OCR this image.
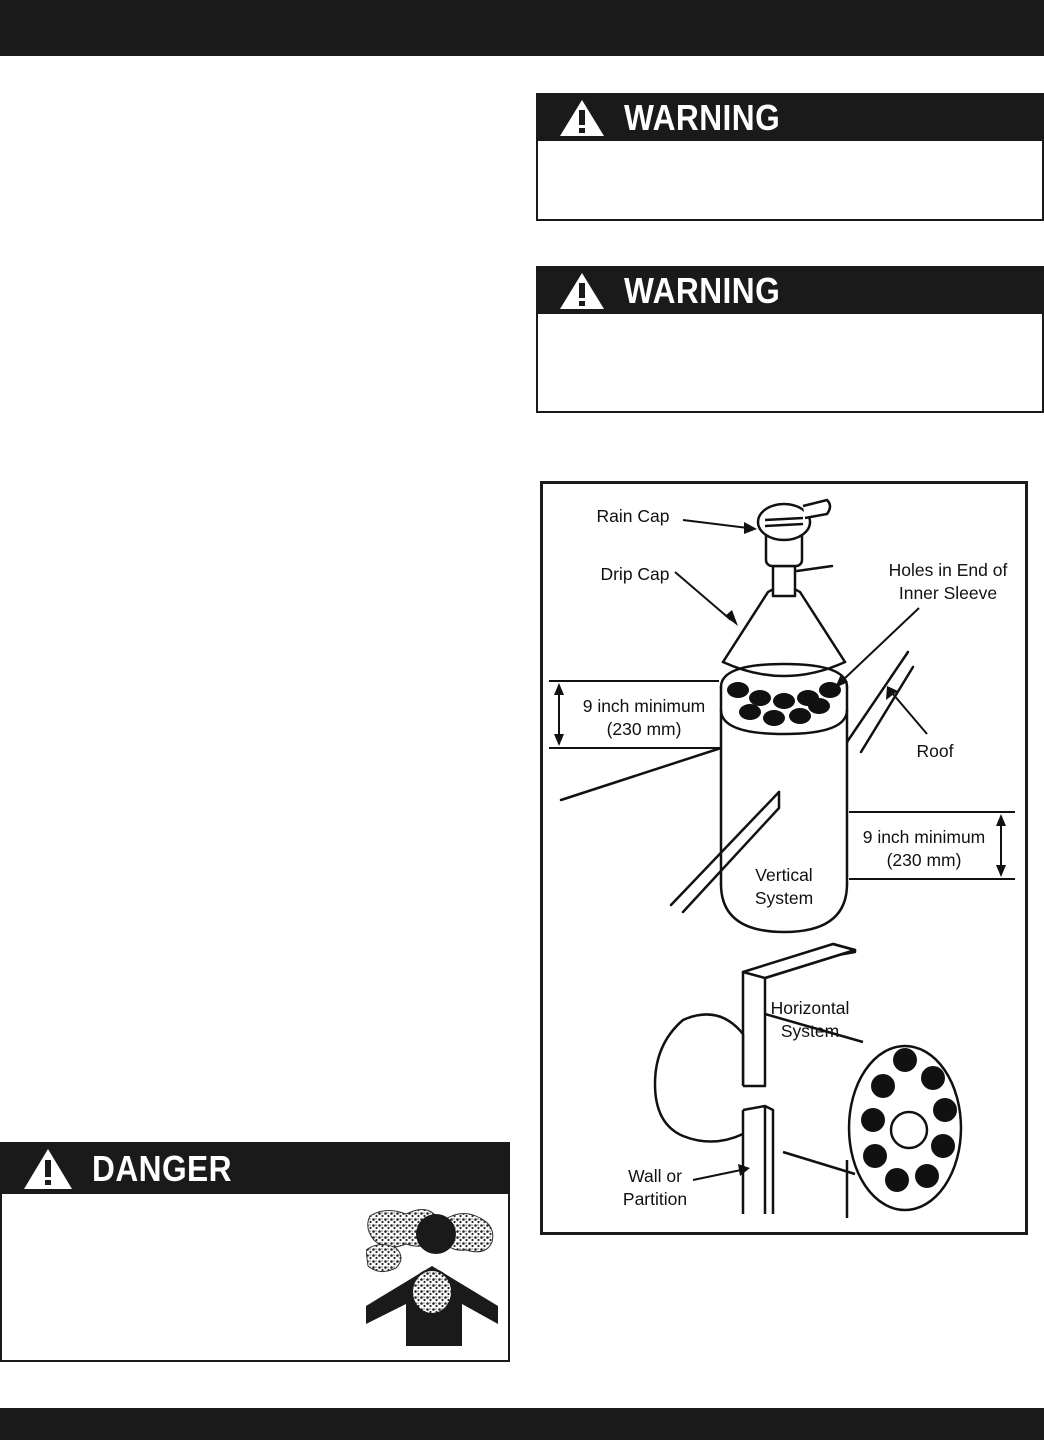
WARNING
WARNING
DANGER
Rain Cap
Drip Cap	Holes in End of
Inner Sleeve
9 inch minimum
(230 mm)
Roof
9 inch minimum
(230 mm)
Vertical
System
Horizontal
System
Wall or
Partition
